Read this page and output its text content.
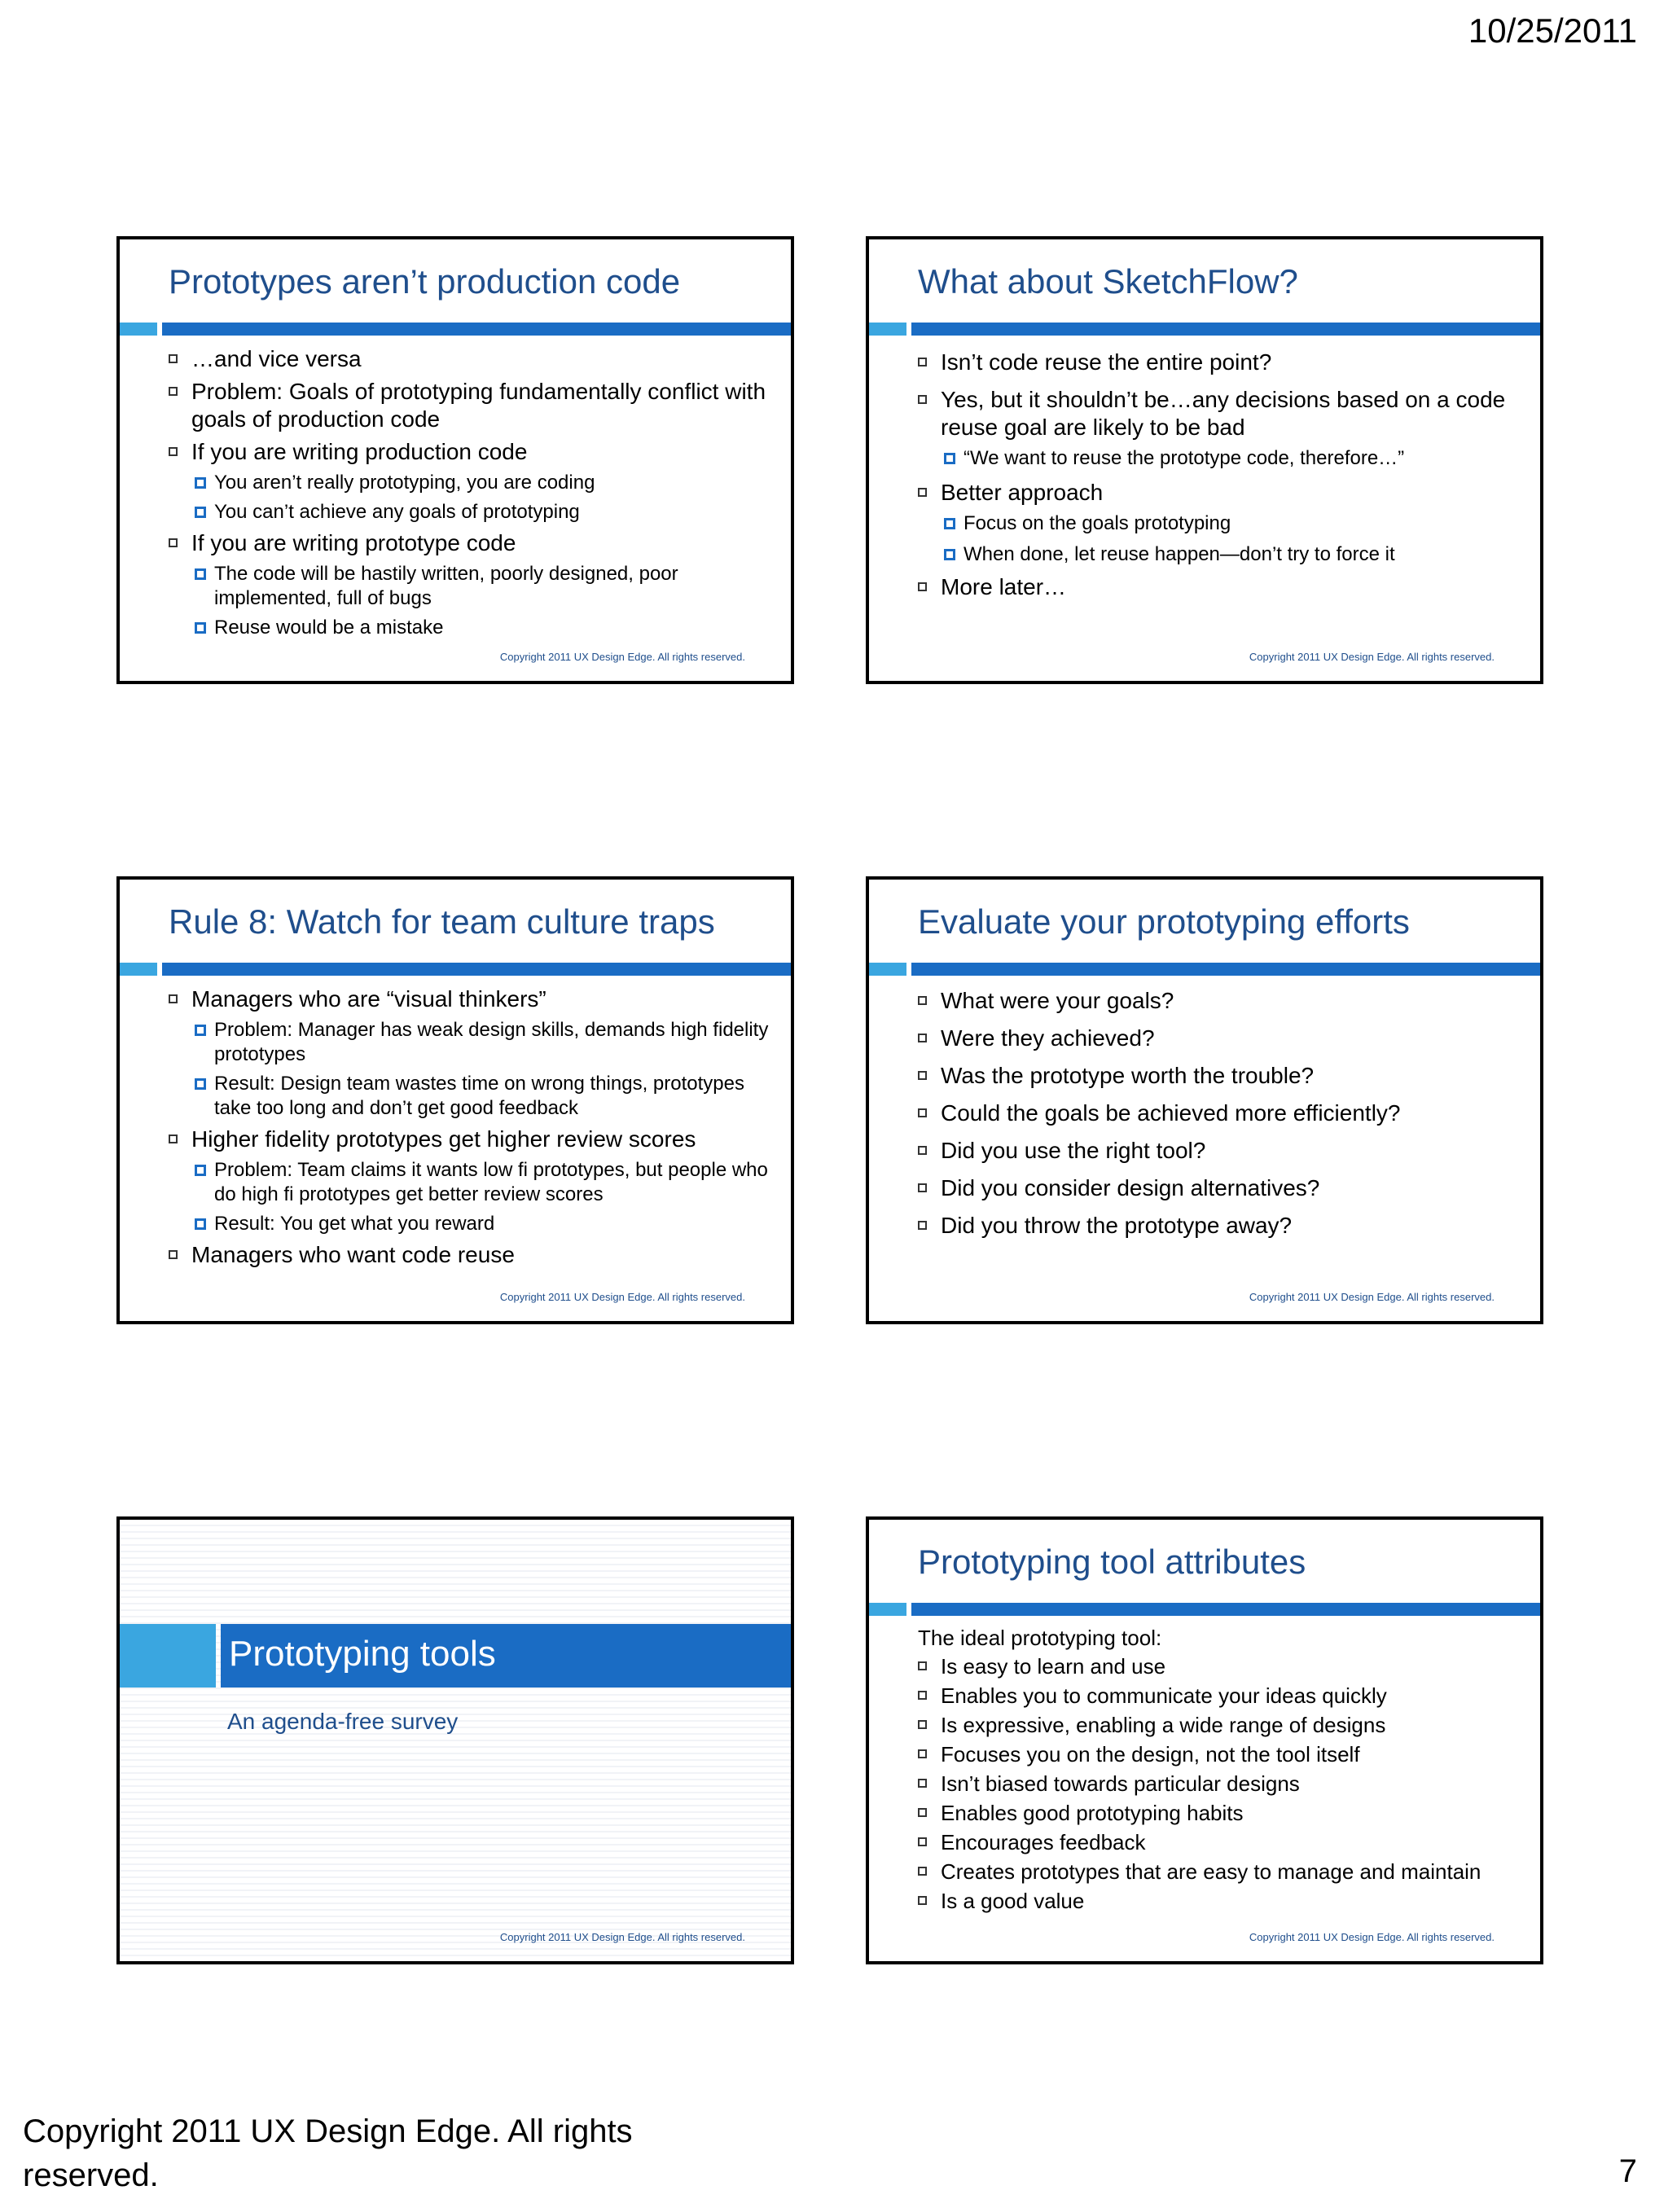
10/25/2011
Prototypes aren’t production code
…and vice versa
Problem: Goals of prototyping fundamentally conflict with goals of production code
If you are writing production code
You aren’t really prototyping, you are coding
You can’t achieve any goals of prototyping
If you are writing prototype code
The code will be hastily written, poorly designed, poor implemented, full of bugs
Reuse would be a mistake
Copyright 2011 UX Design Edge. All rights reserved.
What about SketchFlow?
Isn’t code reuse the entire point?
Yes, but it shouldn’t be…any decisions based on a code reuse goal are likely to be bad
“We want to reuse the prototype code, therefore…”
Better approach
Focus on the goals prototyping
When done, let reuse happen—don’t try to force it
More later…
Copyright 2011 UX Design Edge. All rights reserved.
Rule 8: Watch for team culture traps
Managers who are “visual thinkers”
Problem: Manager has weak design skills, demands high fidelity prototypes
Result: Design team wastes time on wrong things, prototypes take too long and don’t get good feedback
Higher fidelity prototypes get higher review scores
Problem: Team claims it wants low fi prototypes, but people who do high fi prototypes get better review scores
Result: You get what you reward
Managers who want code reuse
Copyright 2011 UX Design Edge. All rights reserved.
Evaluate your prototyping efforts
What were your goals?
Were they achieved?
Was the prototype worth the trouble?
Could the goals be achieved more efficiently?
Did you use the right tool?
Did you consider design alternatives?
Did you throw the prototype away?
Copyright 2011 UX Design Edge. All rights reserved.
Prototyping tools
An agenda-free survey
Copyright 2011 UX Design Edge. All rights reserved.
Prototyping tool attributes
The ideal prototyping tool:
Is easy to learn and use
Enables you to communicate your ideas quickly
Is expressive, enabling a wide range of designs
Focuses you on the design, not the tool itself
Isn’t biased towards particular designs
Enables good prototyping habits
Encourages feedback
Creates prototypes that are easy to manage and maintain
Is a good value
Copyright 2011 UX Design Edge. All rights reserved.
Copyright 2011 UX Design Edge. All rights reserved.	7
